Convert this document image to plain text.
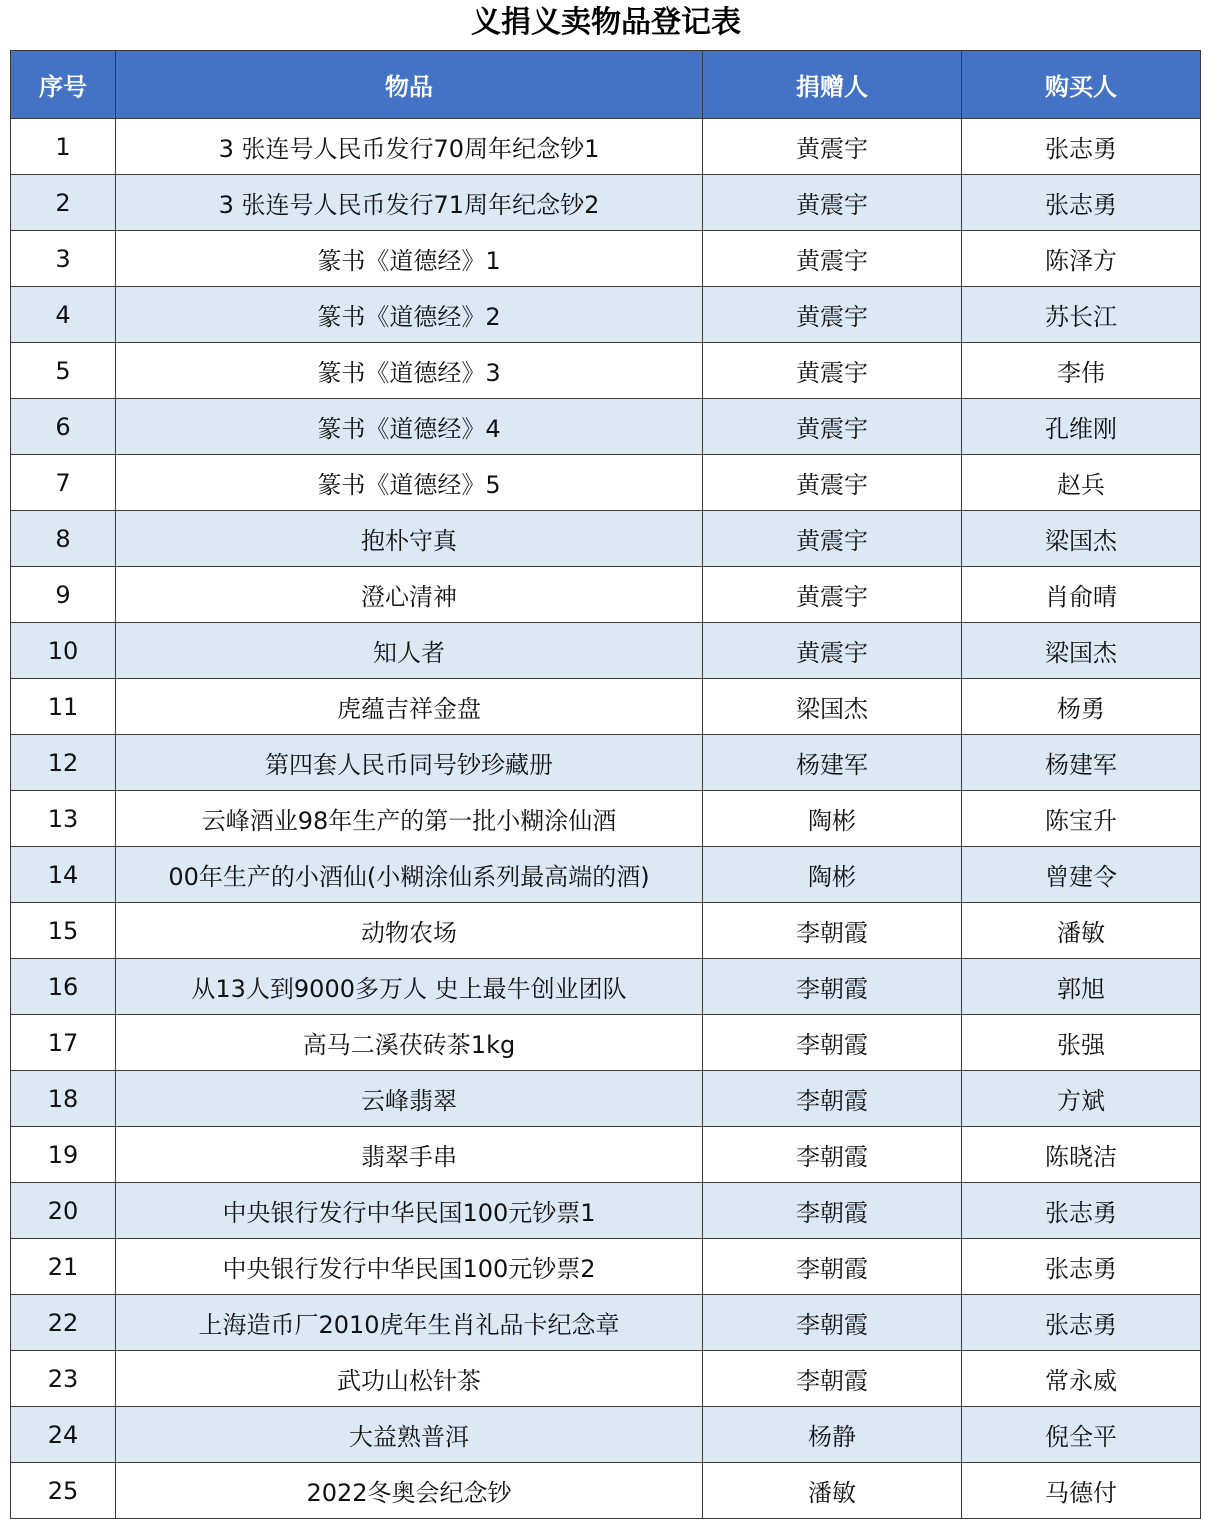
义捐义卖物品登记表
序号	物品	捐赠人	购买人
1	3 张连号人民币发行70周年纪念钞1	黄震宇	张志勇
2	3 张连号人民币发行71周年纪念钞2	黄震宇	张志勇
3	篆书《道德经》1	黄震宇	陈泽方
4	篆书《道德经》2	黄震宇	苏长江
5	篆书《道德经》3	黄震宇	李伟
6	篆书《道德经》4	黄震宇	孔维刚
7	篆书《道德经》5	黄震宇	赵兵
8	抱朴守真	黄震宇	梁国杰
9	澄心清神	黄震宇	肖俞晴
10	知人者	黄震宇	梁国杰
11	虎蕴吉祥金盘	梁国杰	杨勇
12	第四套人民币同号钞珍藏册	杨建军	杨建军
13	云峰酒业98年生产的第一批小糊涂仙酒	陶彬	陈宝升
14	00年生产的小酒仙(小糊涂仙系列最高端的酒)	陶彬	曾建令
15	动物农场	李朝霞	潘敏
16	从13人到9000多万人 史上最牛创业团队	李朝霞	郭旭
17	高马二溪茯砖茶1kg	李朝霞	张强
18	云峰翡翠	李朝霞	方斌
19	翡翠手串	李朝霞	陈晓洁
20	中央银行发行中华民国100元钞票1	李朝霞	张志勇
21	中央银行发行中华民国100元钞票2	李朝霞	张志勇
22	上海造币厂2010虎年生肖礼品卡纪念章	李朝霞	张志勇
23	武功山松针茶	李朝霞	常永威
24	大益熟普洱	杨静	倪全平
25	2022冬奥会纪念钞	潘敏	马德付
